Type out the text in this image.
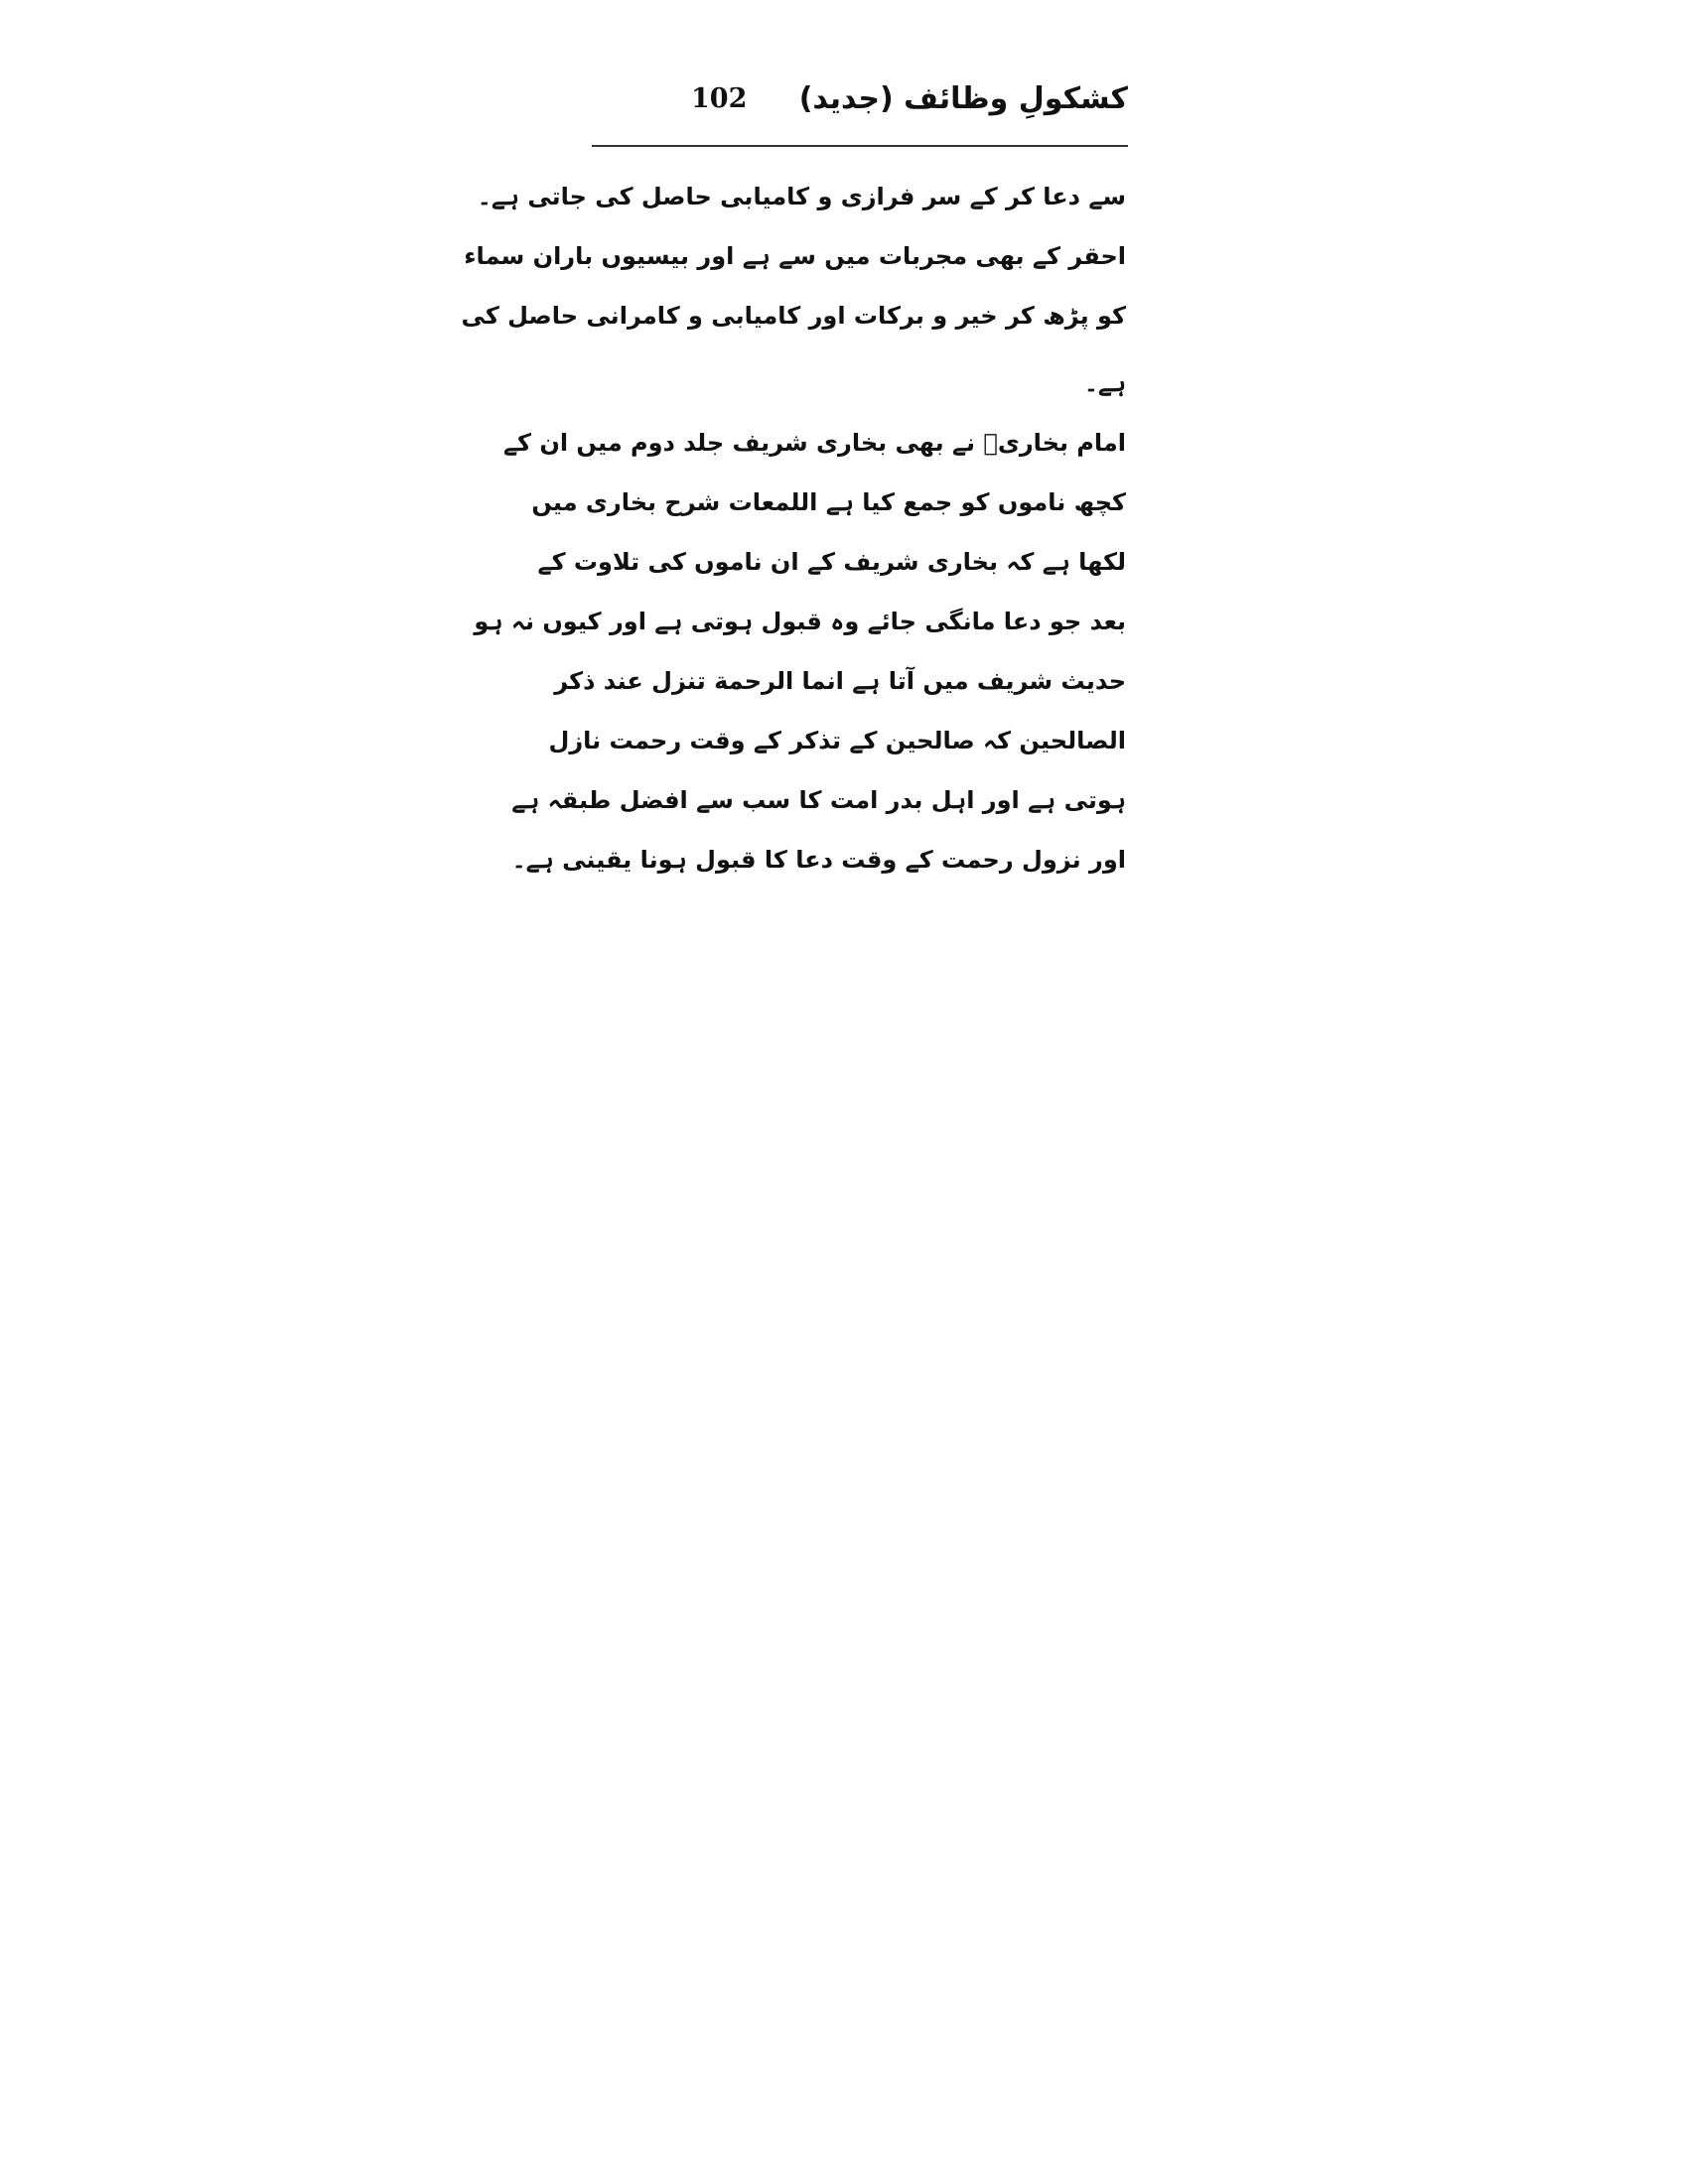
کشکولِ وظائف (جدید)
102
سے دعا کر کے سر فرازی و کامیابی حاصل کی جاتی ہے۔
احقر کے بھی مجربات میں سے ہے اور بیسیوں باران سماء
کو پڑھ کر خیر و برکات اور کامیابی و کامرانی حاصل کی
ہے۔
امام بخاریؒ نے بھی بخاری شریف جلد دوم میں ان کے
کچھ ناموں کو جمع کیا ہے اللمعات شرح بخاری میں
لکھا ہے کہ بخاری شریف کے ان ناموں کی تلاوت کے
بعد جو دعا مانگی جائے وہ قبول ہوتی ہے اور کیوں نہ ہو
حدیث شریف میں آتا ہے انما الرحمة تنزل عند ذکر
الصالحین کہ صالحین کے تذکر کے وقت رحمت نازل
ہوتی ہے اور اہل بدر امت کا سب سے افضل طبقہ ہے
اور نزول رحمت کے وقت دعا کا قبول ہونا یقینی ہے۔
